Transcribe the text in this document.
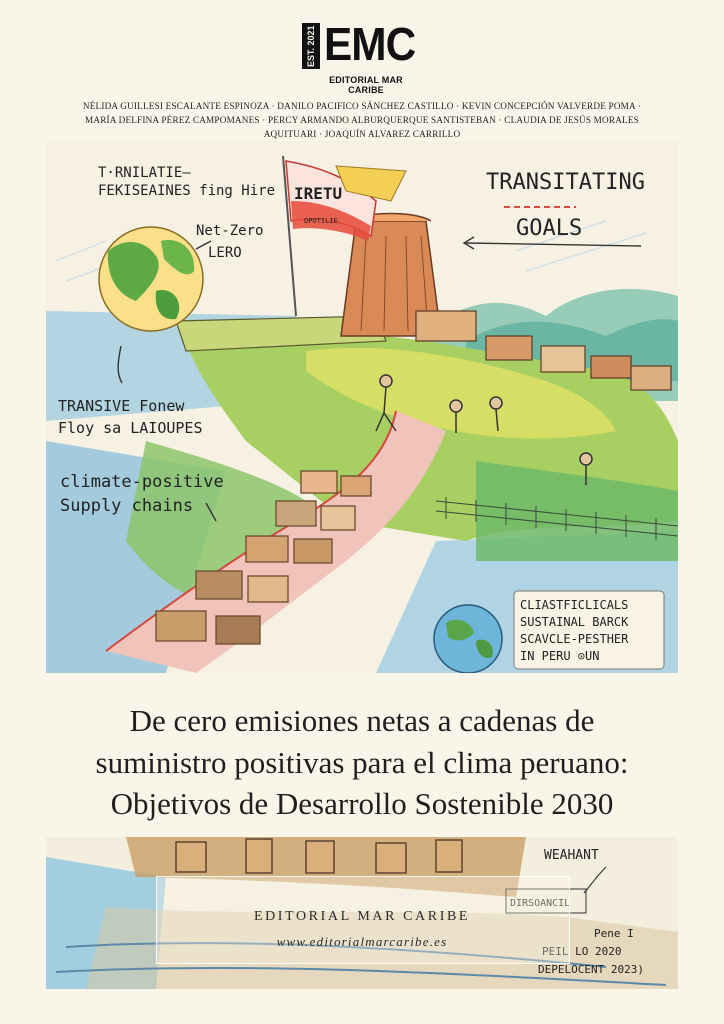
EST. 2021 EMC
EDITORIAL MAR CARIBE
NÉLIDA GUILLESI ESCALANTE ESPINOZA · DANILO PACIFICO SÁNCHEZ CASTILLO · KEVIN CONCEPCIÓN VALVERDE POMA ·
MARÍA DELFINA PÉREZ CAMPOMANES · PERCY ARMANDO ALBURQUERQUE SANTISTEBAN · CLAUDIA DE JESÚS MORALES
AQUITUARI · JOAQUÍN ALVAREZ CARRILLO
IRETU
OPOTILIE
T·RNILATIE–
FEKISEAINES fing Hire
Net-Zero
LERO
TRANSITATING
GOALS
TRANSIVE Fonew
Floy sa LAIOUPES
climate-positive
Supply chains
CLIASTFICLICALS
SUSTAINAL BARCK
SCAVCLE-PESTHER
IN PERU ⊙UN
De cero emisiones netas a cadenas de
suministro positivas para el clima peruano:
Objetivos de Desarrollo Sostenible 2030
WEAHANT
DIRSOANCIL
Pene I
PEIL LO 2020
DEPELOCENT 2023)
EDITORIAL MAR CARIBE
www.editorialmarcaribe.es
